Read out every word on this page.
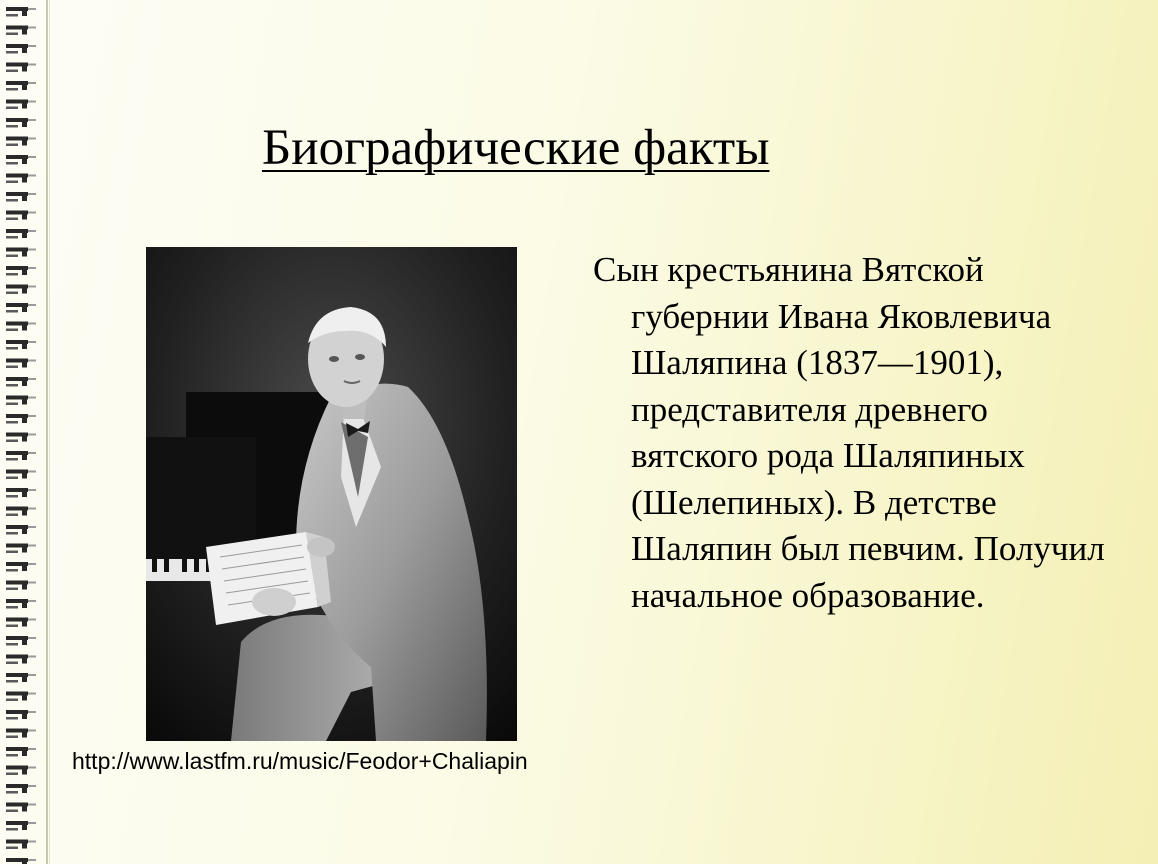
Биографические факты
http://www.lastfm.ru/music/Feodor+Chaliapin

Сын крестьянина Вятской губернии Ивана Яковлевича Шаляпина (1837—1901), представителя древнего вятского рода Шаляпиных (Шелепиных). В детстве Шаляпин был певчим. Получил начальное образование.
